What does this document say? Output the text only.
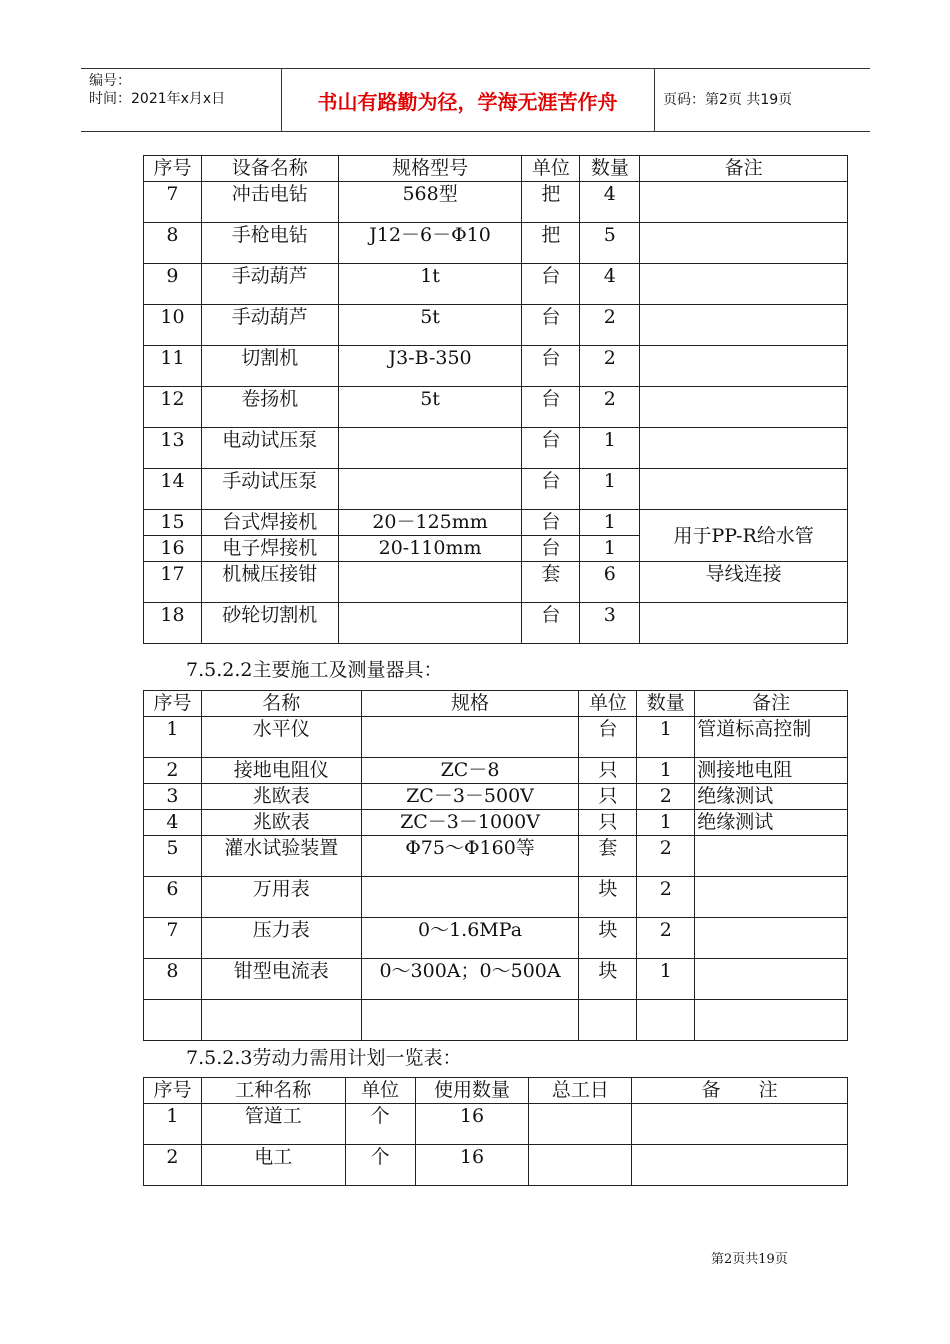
编号：
时间：2021年x月x日	书山有路勤为径，学海无涯苦作舟	页码：第2页 共19页
序号	设备名称	规格型号	单位	数量	备注
7	冲击电钻	568型	把	4	
8	手枪电钻	J12－6－Φ10	把	5	
9	手动葫芦	1t	台	4	
10	手动葫芦	5t	台	2	
11	切割机	J3-B-350	台	2	
12	卷扬机	5t	台	2	
13	电动试压泵		台	1	
14	手动试压泵		台	1	
15	台式焊接机	20－125mm	台	1	用于PP-R给水管
16	电子焊接机	20-110mm	台	1	
17	机械压接钳		套	6	导线连接
18	砂轮切割机		台	3	
7.5.2.2主要施工及测量器具：
序号	名称	规格	单位	数量	备注
1	水平仪		台	1	管道标高控制
2	接地电阻仪	ZC－8	只	1	测接地电阻
3	兆欧表	ZC－3－500V	只	2	绝缘测试
4	兆欧表	ZC－3－1000V	只	1	绝缘测试
5	灌水试验装置	Φ75～Φ160等	套	2	
6	万用表		块	2	
7	压力表	0～1.6MPa	块	2	
8	钳型电流表	0～300A；0～500A	块	1	

7.5.2.3劳动力需用计划一览表：
序号	工种名称	单位	使用数量	总工日	备　　注
1	管道工	个	16		
2	电工	个	16		
第2页共19页
